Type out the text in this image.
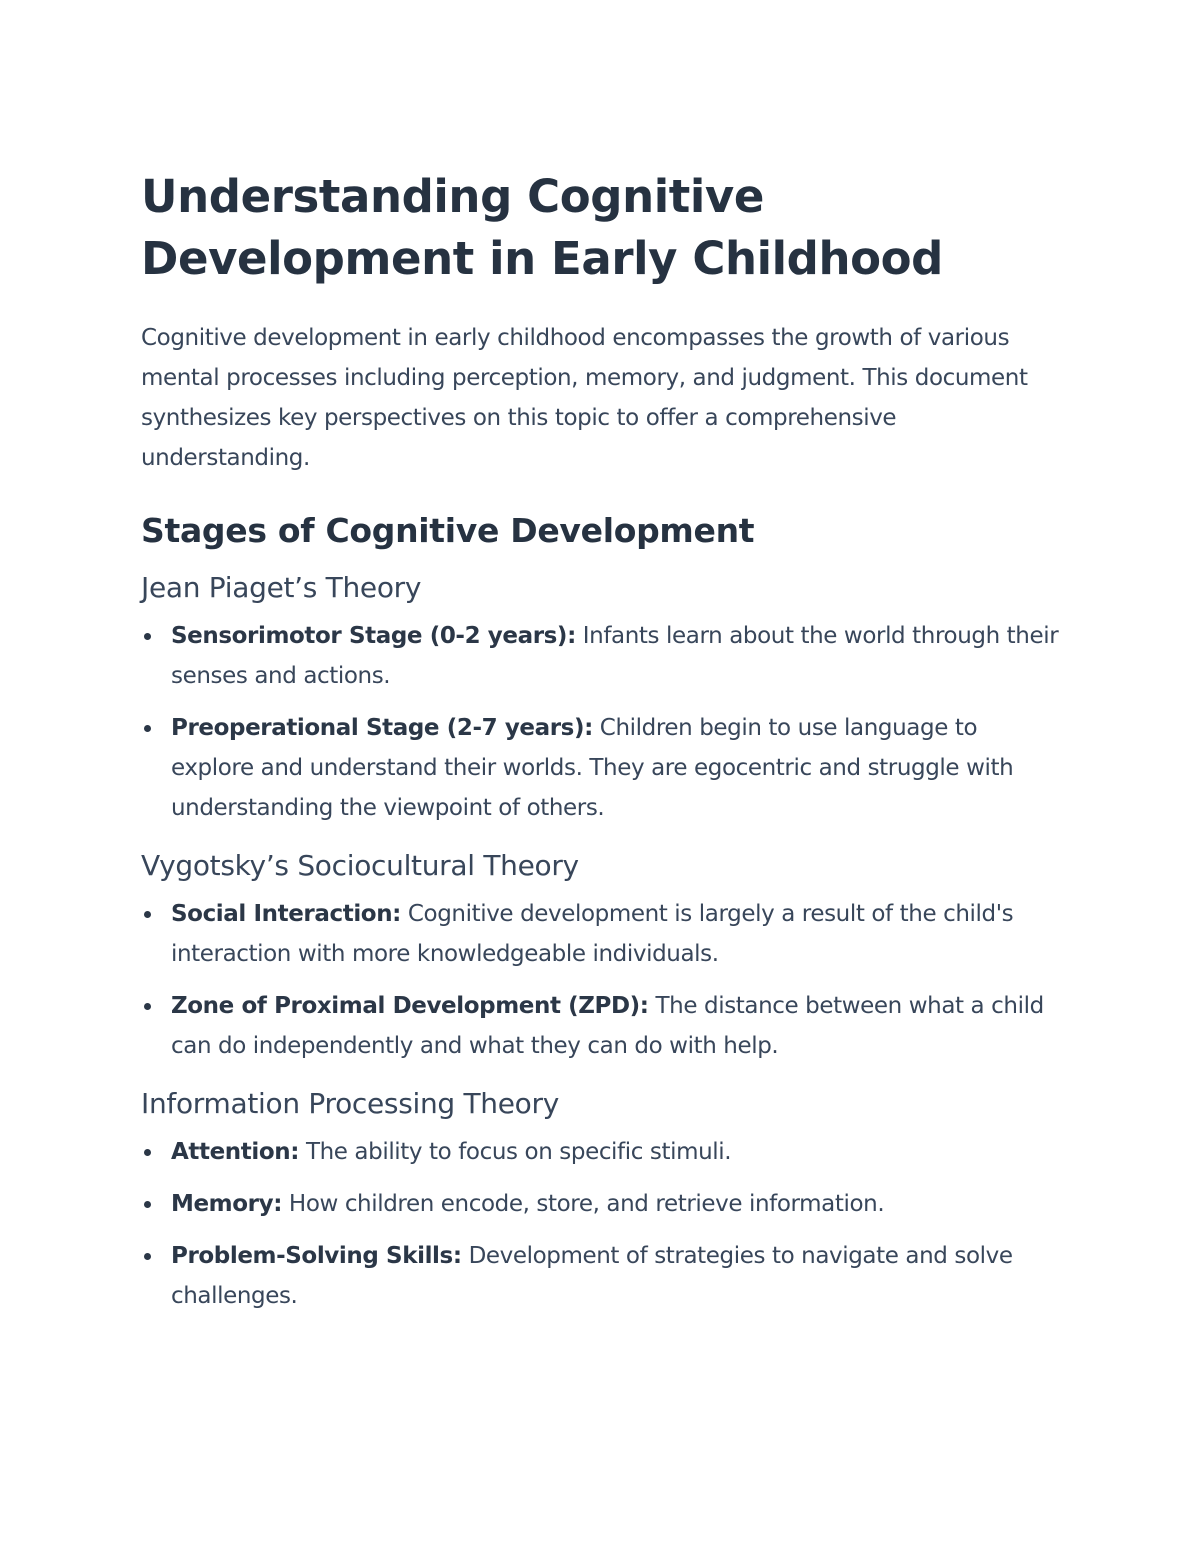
Understanding Cognitive Development in Early Childhood

Cognitive development in early childhood encompasses the growth of various mental processes including perception, memory, and judgment. This document synthesizes key perspectives on this topic to offer a comprehensive understanding.

Stages of Cognitive Development
Jean Piaget’s Theory
Sensorimotor Stage (0-2 years): Infants learn about the world through their senses and actions.
Preoperational Stage (2-7 years): Children begin to use language to explore and understand their worlds. They are egocentric and struggle with understanding the viewpoint of others.
Vygotsky’s Sociocultural Theory
Social Interaction: Cognitive development is largely a result of the child's interaction with more knowledgeable individuals.
Zone of Proximal Development (ZPD): The distance between what a child can do independently and what they can do with help.
Information Processing Theory
Attention: The ability to focus on specific stimuli.
Memory: How children encode, store, and retrieve information.
Problem-Solving Skills: Development of strategies to navigate and solve challenges.
